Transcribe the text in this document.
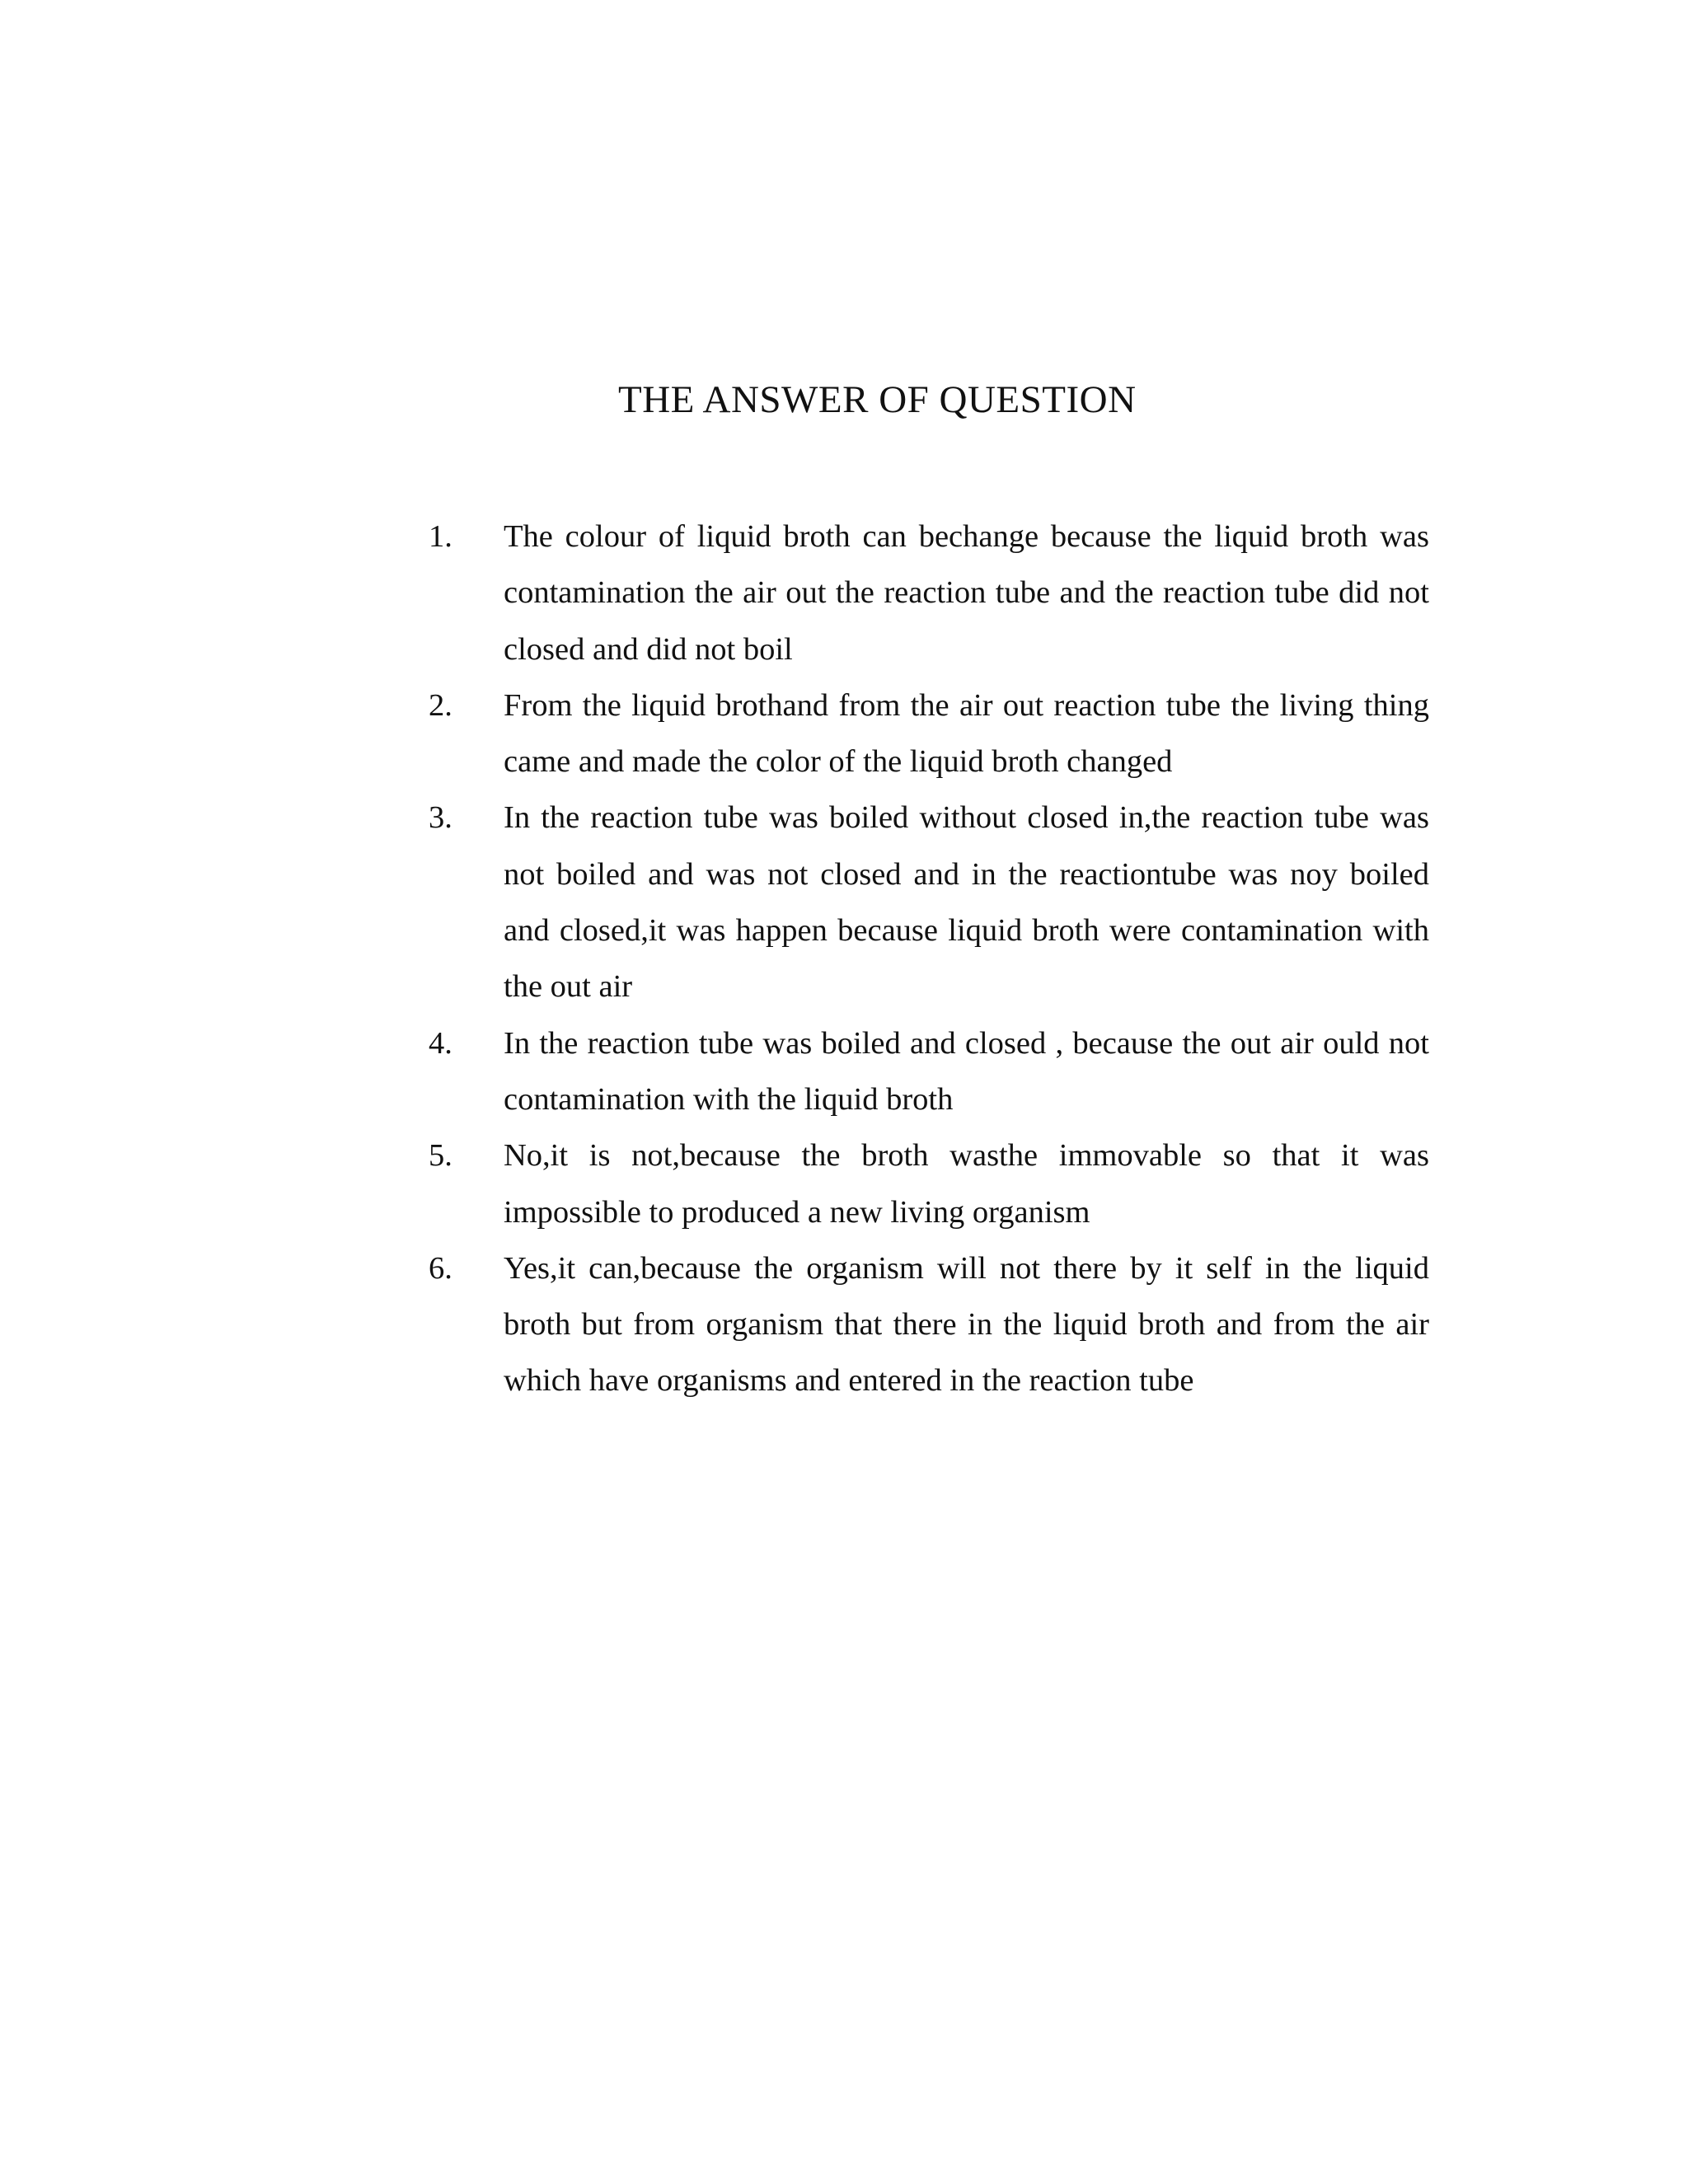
THE ANSWER OF QUESTION
1.	The colour of liquid broth can bechange because the liquid broth was contamination the air out the reaction tube and the reaction tube did not closed and did not boil
2.	From the liquid brothand from the air out reaction tube the living thing came and made the color of the liquid broth changed
3.	In the reaction tube was boiled without closed in,the reaction tube was not boiled and was not closed and in the reactiontube was noy boiled and closed,it was happen because liquid broth were contamination with the out air
4.	In the reaction tube was boiled and closed , because the out air ould not contamination with the liquid broth
5.	No,it is not,because the broth wasthe immovable so that it was impossible to produced a new living organism
6.	Yes,it can,because the organism will not there by it self in the liquid broth but from organism that there in the liquid broth and from the air which have organisms and entered in the reaction tube
